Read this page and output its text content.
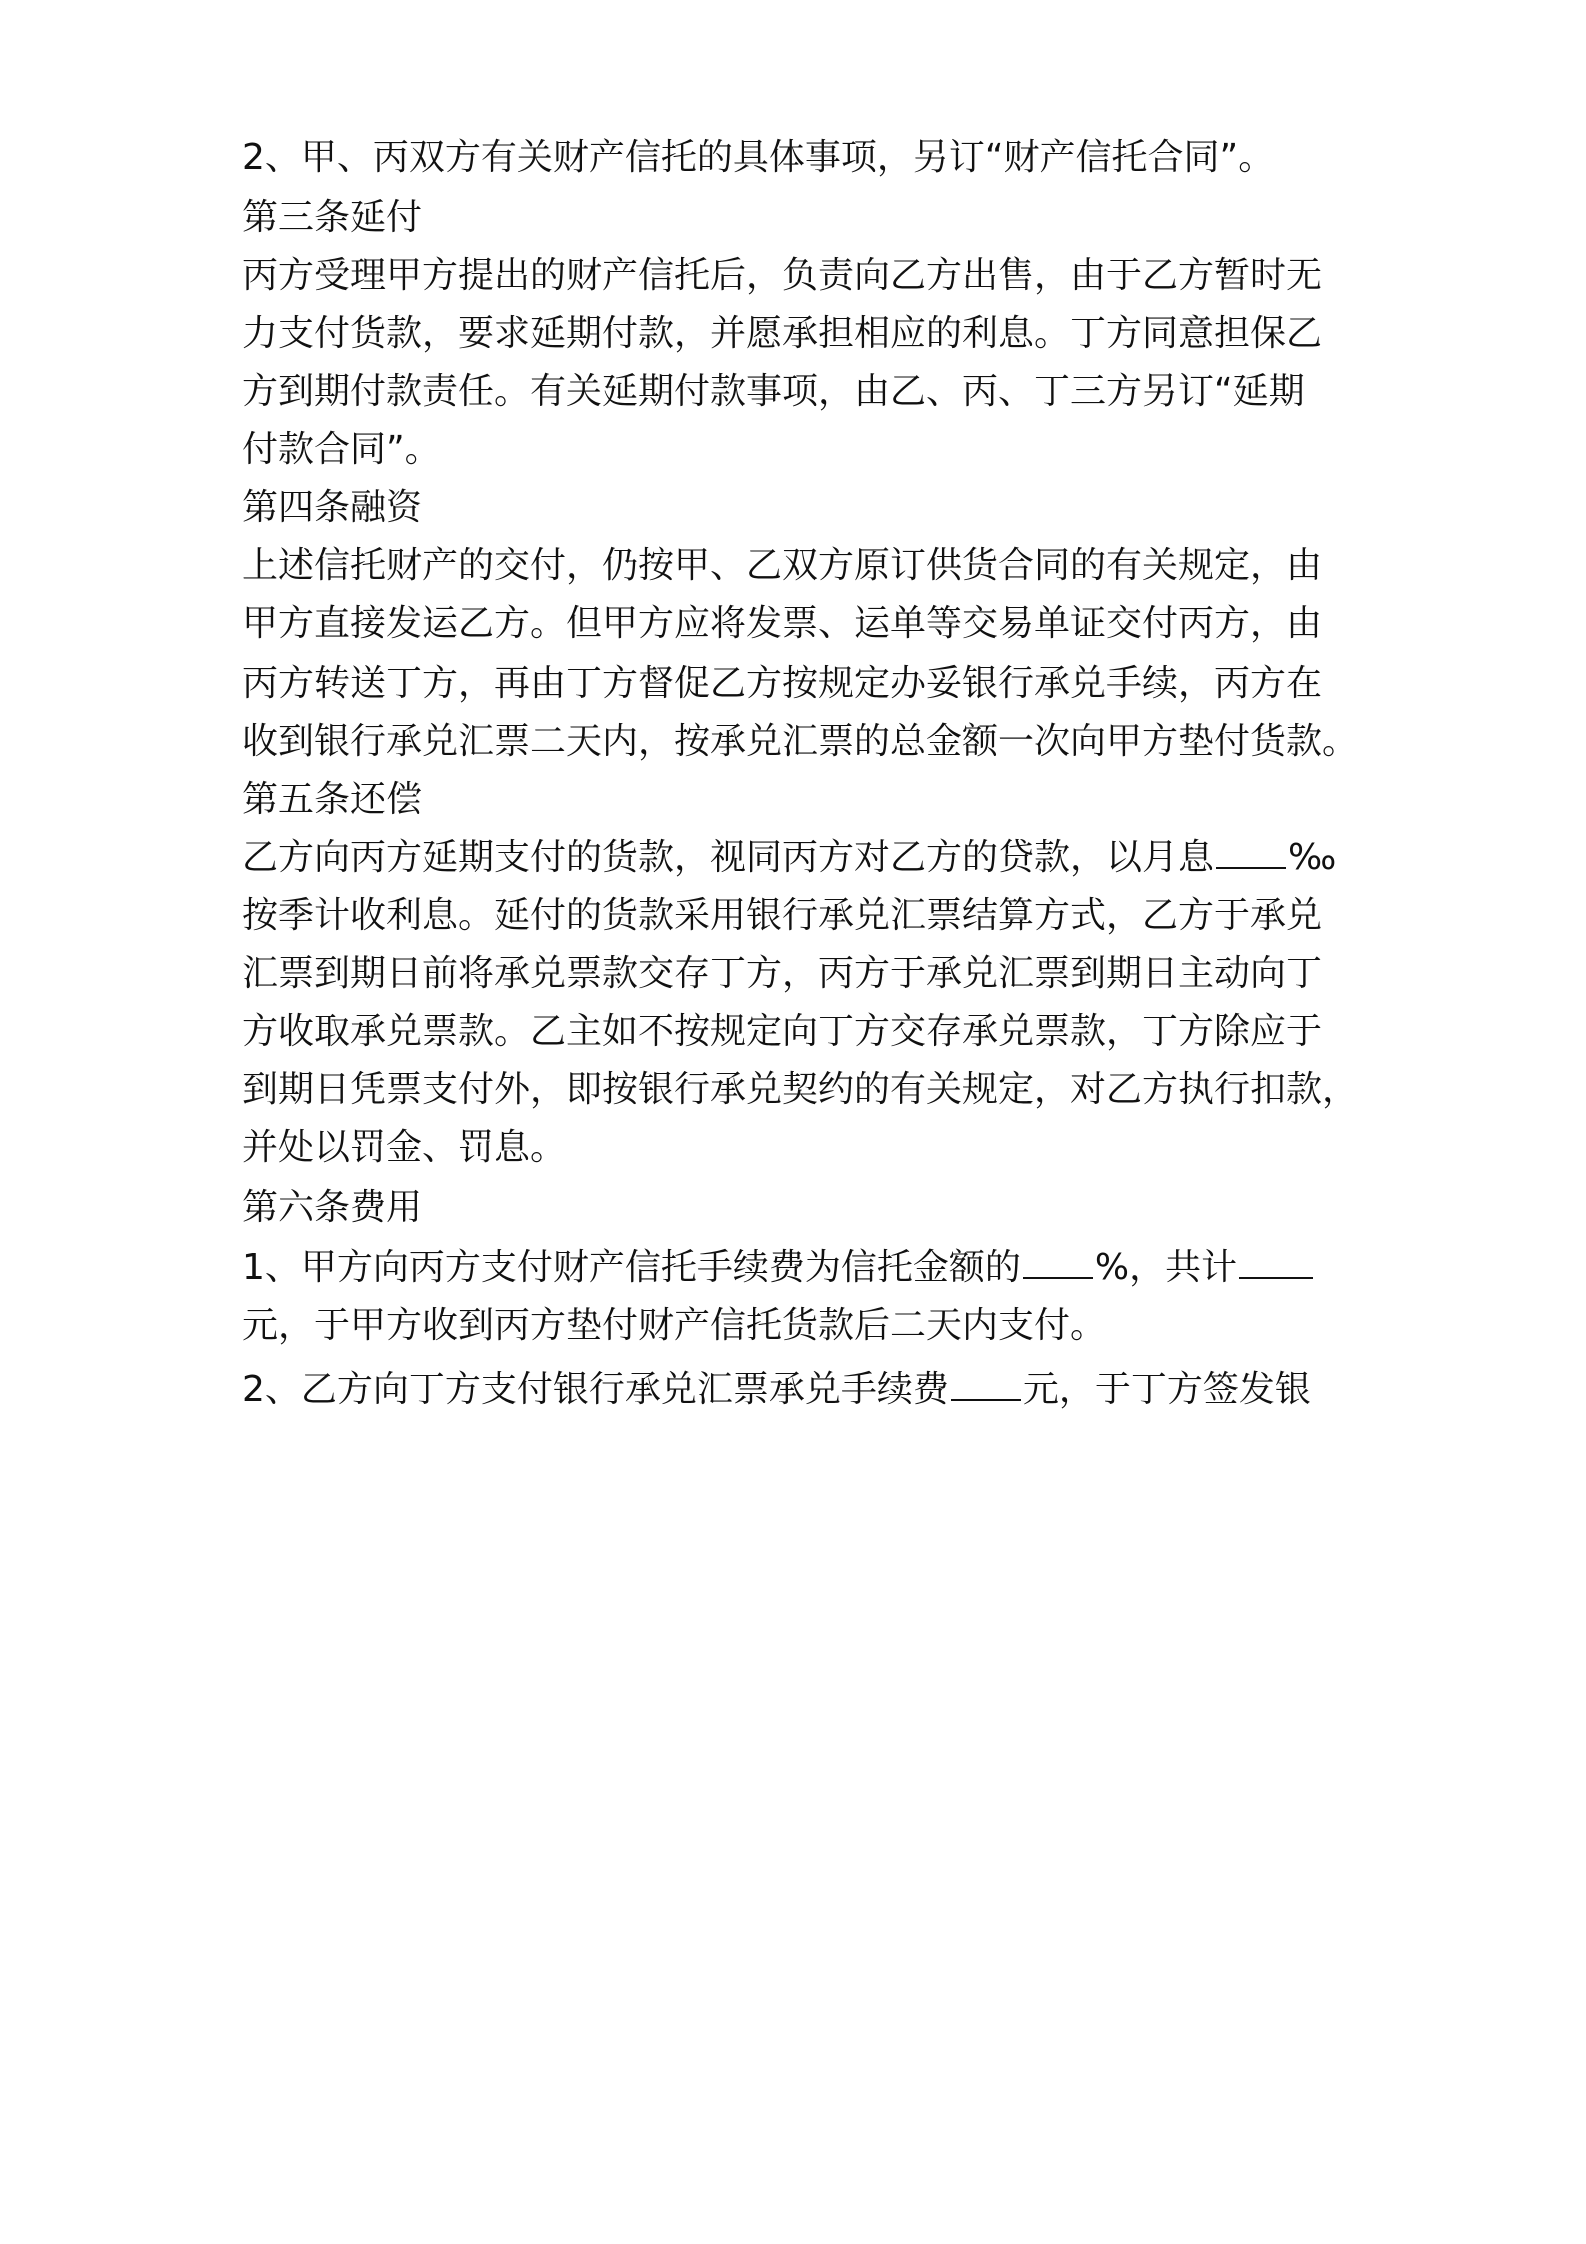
2、甲、丙双方有关财产信托的具体事项，另订“财产信托合同”。
第三条延付
丙方受理甲方提出的财产信托后，负责向乙方出售，由于乙方暂时无
力支付货款，要求延期付款，并愿承担相应的利息。丁方同意担保乙
方到期付款责任。有关延期付款事项，由乙、丙、丁三方另订“延期
付款合同”。
第四条融资
上述信托财产的交付，仍按甲、乙双方原订供货合同的有关规定，由
甲方直接发运乙方。但甲方应将发票、运单等交易单证交付丙方，由
丙方转送丁方，再由丁方督促乙方按规定办妥银行承兑手续，丙方在
收到银行承兑汇票二天内，按承兑汇票的总金额一次向甲方垫付货款。
第五条还偿
乙方向丙方延期支付的货款，视同丙方对乙方的贷款，以月息 ‰
按季计收利息。延付的货款采用银行承兑汇票结算方式，乙方于承兑
汇票到期日前将承兑票款交存丁方，丙方于承兑汇票到期日主动向丁
方收取承兑票款。乙主如不按规定向丁方交存承兑票款，丁方除应于
到期日凭票支付外，即按银行承兑契约的有关规定，对乙方执行扣款，
并处以罚金、罚息。
第六条费用
1、甲方向丙方支付财产信托手续费为信托金额的 %，共计
元，于甲方收到丙方垫付财产信托货款后二天内支付。
2、乙方向丁方支付银行承兑汇票承兑手续费 元，于丁方签发银
